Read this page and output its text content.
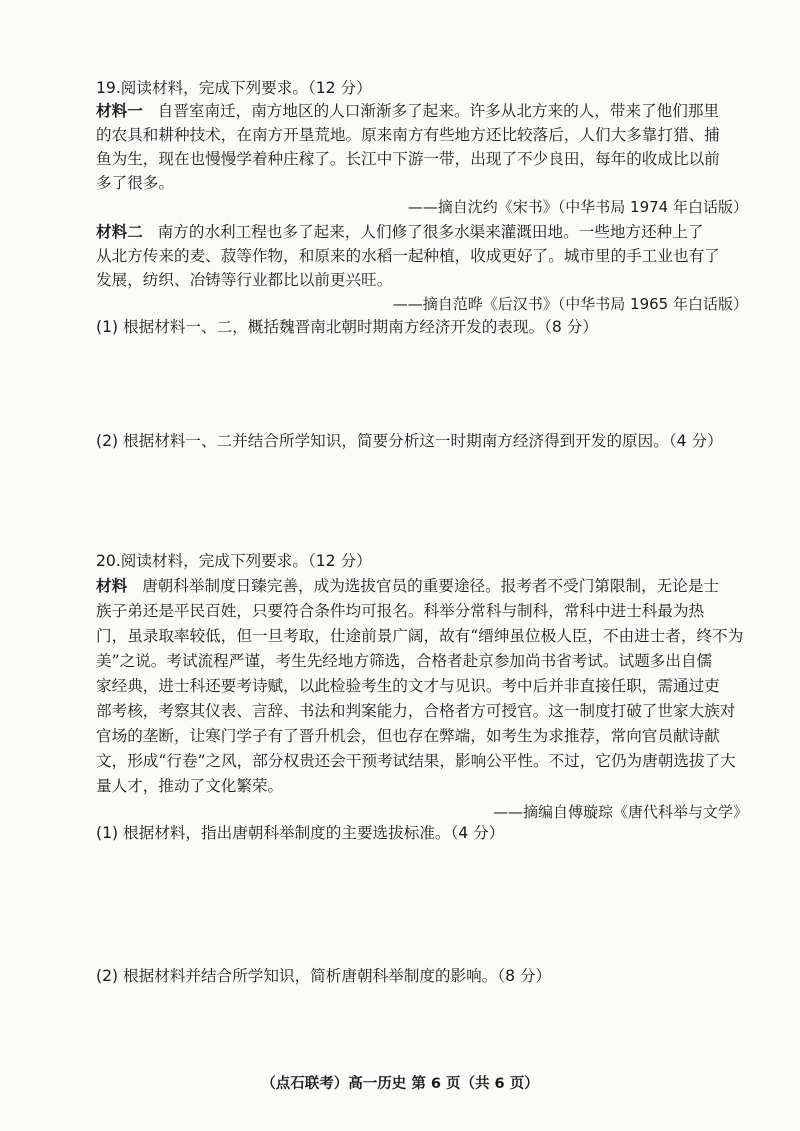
19.阅读材料，完成下列要求。（12 分）
材料一 自晋室南迁，南方地区的人口渐渐多了起来。许多从北方来的人，带来了他们那里
的农具和耕种技术，在南方开垦荒地。原来南方有些地方还比较落后，人们大多靠打猎、捕
鱼为生，现在也慢慢学着种庄稼了。长江中下游一带，出现了不少良田，每年的收成比以前
多了很多。
——摘自沈约《宋书》（中华书局 1974 年白话版）
材料二 南方的水利工程也多了起来，人们修了很多水渠来灌溉田地。一些地方还种上了
从北方传来的麦、菽等作物，和原来的水稻一起种植，收成更好了。城市里的手工业也有了
发展，纺织、冶铸等行业都比以前更兴旺。
——摘自范晔《后汉书》（中华书局 1965 年白话版）
(1) 根据材料一、二，概括魏晋南北朝时期南方经济开发的表现。（8 分）
(2) 根据材料一、二并结合所学知识，简要分析这一时期南方经济得到开发的原因。（4 分）
20.阅读材料，完成下列要求。（12 分）
材料 唐朝科举制度日臻完善，成为选拔官员的重要途径。报考者不受门第限制，无论是士
族子弟还是平民百姓，只要符合条件均可报名。科举分常科与制科，常科中进士科最为热
门，虽录取率较低，但一旦考取，仕途前景广阔，故有“缙绅虽位极人臣，不由进士者，终不为
美”之说。考试流程严谨，考生先经地方筛选，合格者赴京参加尚书省考试。试题多出自儒
家经典，进士科还要考诗赋，以此检验考生的文才与见识。考中后并非直接任职，需通过吏
部考核，考察其仪表、言辞、书法和判案能力，合格者方可授官。这一制度打破了世家大族对
官场的垄断，让寒门学子有了晋升机会，但也存在弊端，如考生为求推荐，常向官员献诗献
文，形成“行卷”之风，部分权贵还会干预考试结果，影响公平性。不过，它仍为唐朝选拔了大
量人才，推动了文化繁荣。
——摘编自傅璇琮《唐代科举与文学》
(1) 根据材料，指出唐朝科举制度的主要选拔标准。（4 分）
(2) 根据材料并结合所学知识，简析唐朝科举制度的影响。（8 分）
（点石联考）高一历史 第 6 页（共 6 页）
